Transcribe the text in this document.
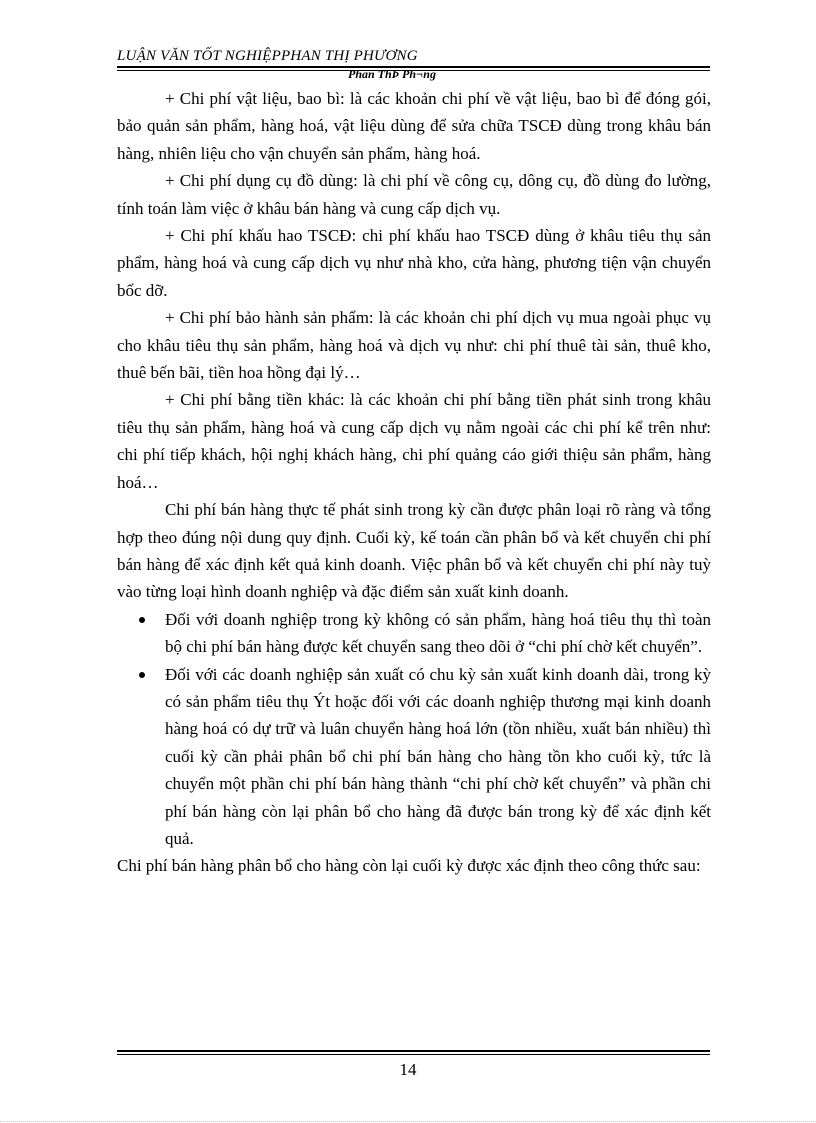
LUẬN VĂN TỐT NGHIỆPPHAN THỊ PHƯƠNG
Phan ThÞ Ph¬ng

+ Chi phí vật liệu, bao bì: là các khoản chi phí về vật liệu, bao bì để đóng gói, bảo quản sản phẩm, hàng hoá, vật liệu dùng để sửa chữa TSCĐ dùng trong khâu bán hàng, nhiên liệu cho vận chuyển sản phẩm, hàng hoá.

+ Chi phí dụng cụ đồ dùng: là chi phí về công cụ, dông cụ, đồ dùng đo lường, tính toán làm việc ở khâu bán hàng và cung cấp dịch vụ.

+ Chi phí khấu hao TSCĐ: chi phí khấu hao TSCĐ dùng ở khâu tiêu thụ sản phẩm, hàng hoá và cung cấp dịch vụ như nhà kho, cửa hàng, phương tiện vận chuyển bốc dỡ.

+ Chi phí bảo hành sản phẩm: là các khoản chi phí dịch vụ mua ngoài phục vụ cho khâu tiêu thụ sản phẩm, hàng hoá và dịch vụ như: chi phí thuê tài sản, thuê kho, thuê bến bãi, tiền hoa hồng đại lý…

+ Chi phí bằng tiền khác: là các khoản chi phí bằng tiền phát sinh trong khâu tiêu thụ sản phẩm, hàng hoá và cung cấp dịch vụ nằm ngoài các chi phí kể trên như: chi phí tiếp khách, hội nghị khách hàng, chi phí quảng cáo giới thiệu sản phẩm, hàng hoá…

Chi phí bán hàng thực tế phát sinh trong kỳ cần được phân loại rõ ràng và tổng hợp theo đúng nội dung quy định. Cuối kỳ, kế toán cần phân bổ và kết chuyển chi phí bán hàng để xác định kết quả kinh doanh. Việc phân bổ và kết chuyển chi phí này tuỳ vào từng loại hình doanh nghiệp và đặc điểm sản xuất kinh doanh.

Đối với doanh nghiệp trong kỳ không có sản phẩm, hàng hoá tiêu thụ thì toàn bộ chi phí bán hàng được kết chuyển sang theo dõi ở “chi phí chờ kết chuyển”.
Đối với các doanh nghiệp sản xuất có chu kỳ sản xuất kinh doanh dài, trong kỳ có sản phẩm tiêu thụ Ýt hoặc đối với các doanh nghiệp thương mại kinh doanh hàng hoá có dự trữ và luân chuyển hàng hoá lớn (tồn nhiều, xuất bán nhiều) thì cuối kỳ cần phải phân bổ chi phí bán hàng cho hàng tồn kho cuối kỳ, tức là chuyển một phần chi phí bán hàng thành “chi phí chờ kết chuyển” và phần chi phí bán hàng còn lại phân bổ cho hàng đã được bán trong kỳ để xác định kết quả.

Chi phí bán hàng phân bổ cho hàng còn lại cuối kỳ được xác định theo công thức sau:

14
